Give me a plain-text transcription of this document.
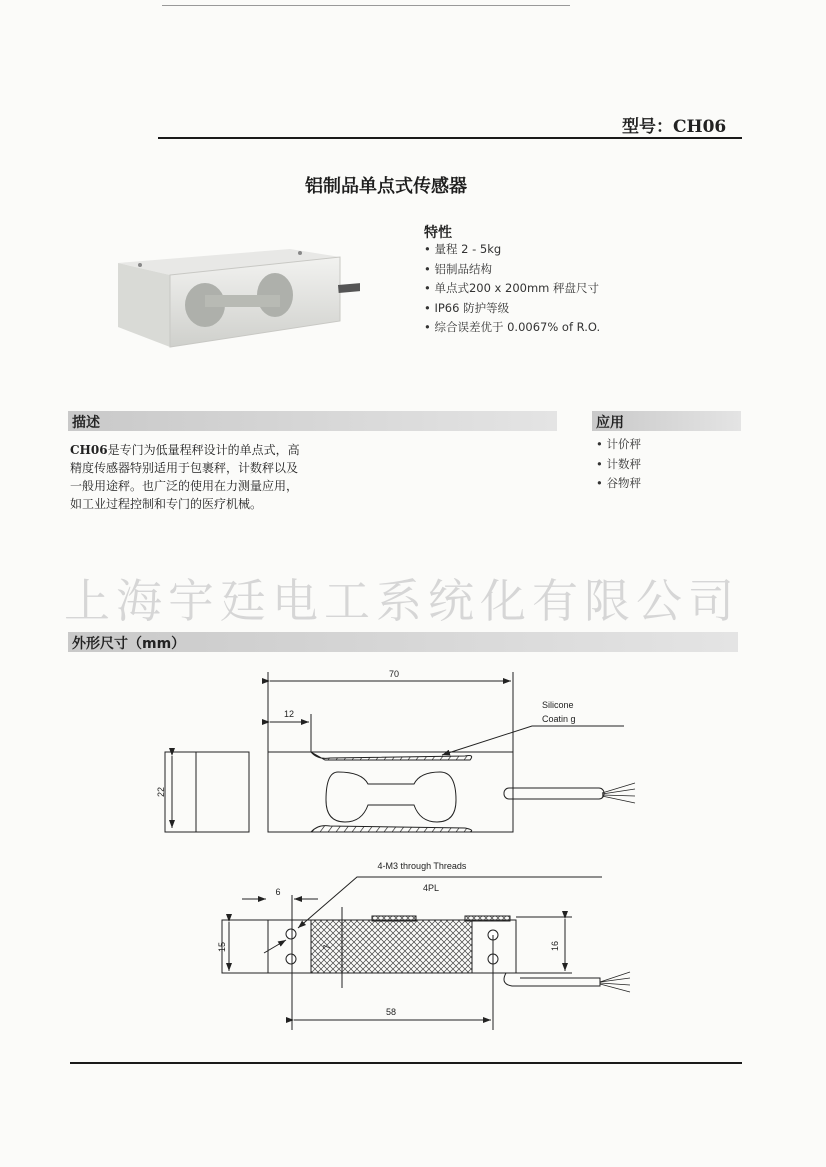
型号：CH06
铝制品单点式传感器
特性
• 量程 2 - 5kg
• 铝制品结构
• 单点式200 x 200mm 秤盘尺寸
• IP66 防护等级
• 综合误差优于 0.0067% of R.O.
描述	应用
CH06是专门为低量程秤设计的单点式，高精度传感器特别适用于包裹秤，计数秤以及一般用途秤。也广泛的使用在力测量应用，如工业过程控制和专门的医疗机械。
• 计价秤
• 计数秤
• 谷物秤
上海宇廷电工系统化有限公司
外形尺寸（mm）
22
70
12
Silicone
Coatin g
6
15	7	16
58
4-M3 through Threads
4PL
